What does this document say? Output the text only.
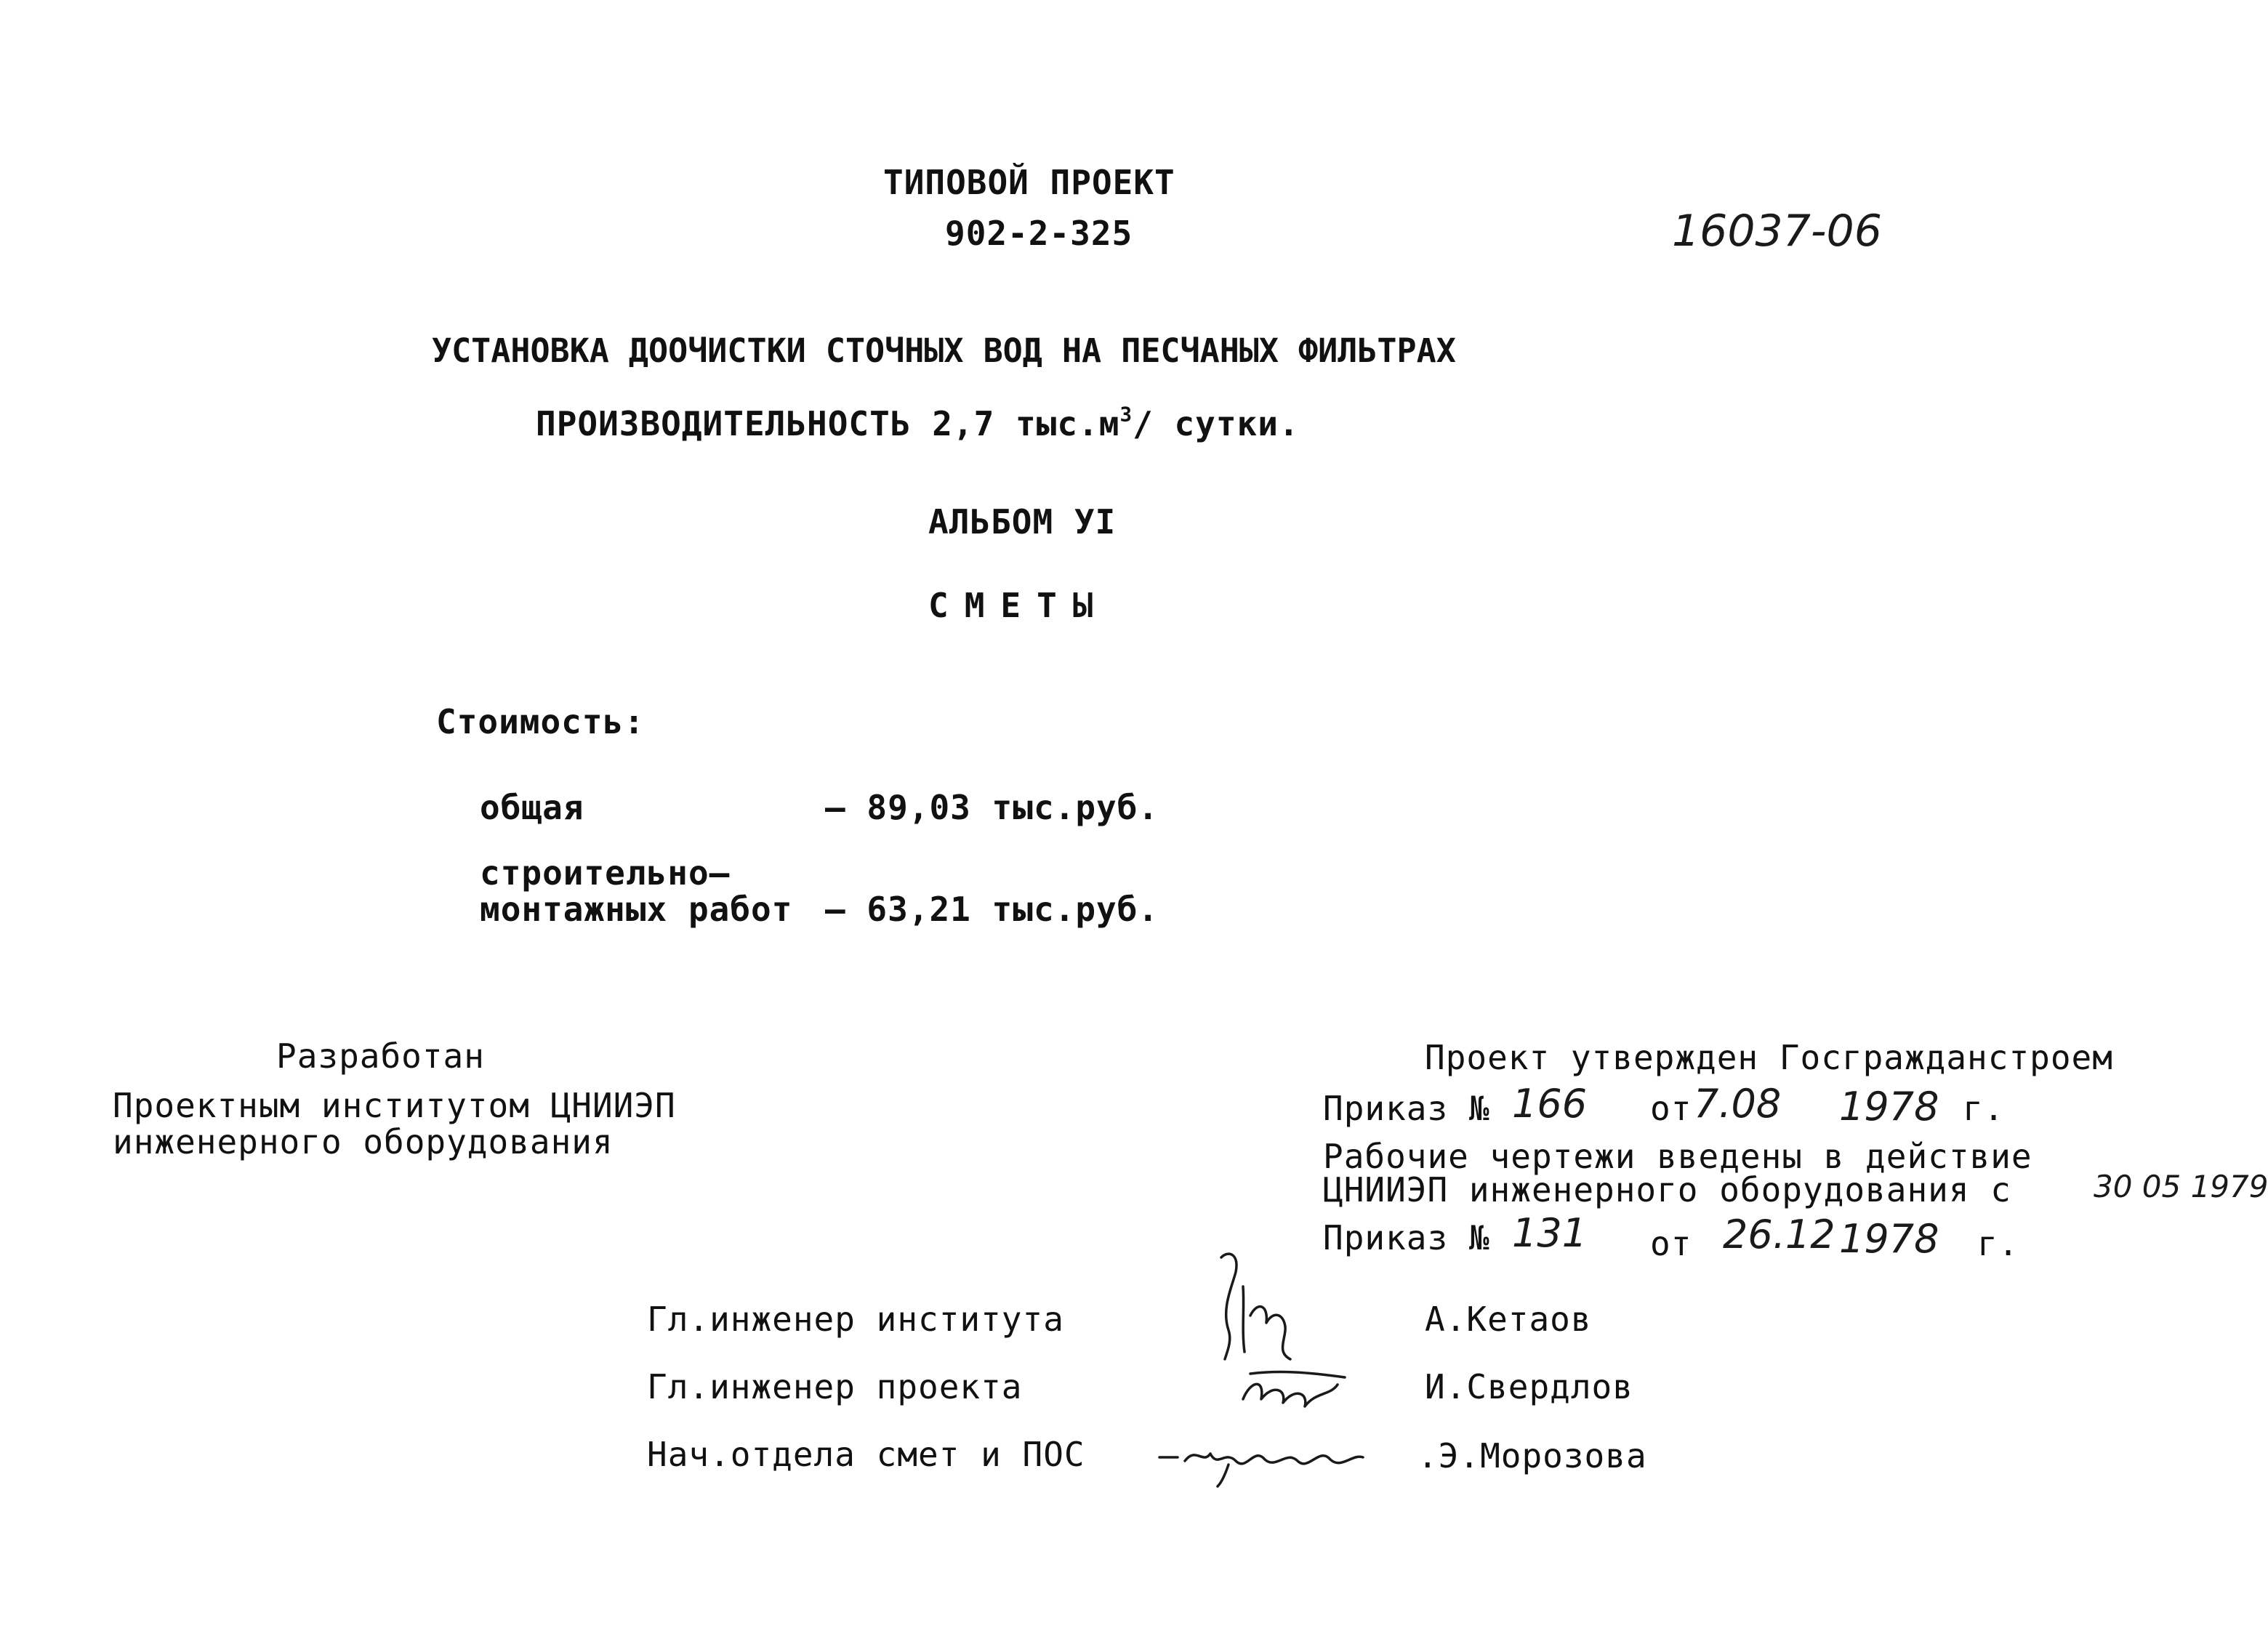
ТИПОВОЙ ПРОЕКТ
902-2-325	16037-06
УСТАНОВКА ДООЧИСТКИ СТОЧНЫХ ВОД НА ПЕСЧАНЫХ ФИЛЬТРАХ
ПРОИЗВОДИТЕЛЬНОСТЬ 2,7 $тыс.м^3/$ сутки.
АЛЬБОМ УI
СМЕТЫ
Стоимость:
общая	– 89,03 тыс.руб.
строительно–
монтажных работ – 63,21 тыс.руб.
Разработан
Проектным институтом ЦНИИЭП
инженерного оборудования
Проект утвержден Госгражданстроем
Приказ № 166 от 7.08 1978 г.
Рабочие чертежи введены в действие
ЦНИИЭП инженерного оборудования с	30 05 1979
Приказ № 131 от 26.12 1978 г.
Гл.инженер института	А.Кетаов
Гл.инженер проекта	И.Свердлов
Нач.отдела смет и ПОС	.Э.Морозова
